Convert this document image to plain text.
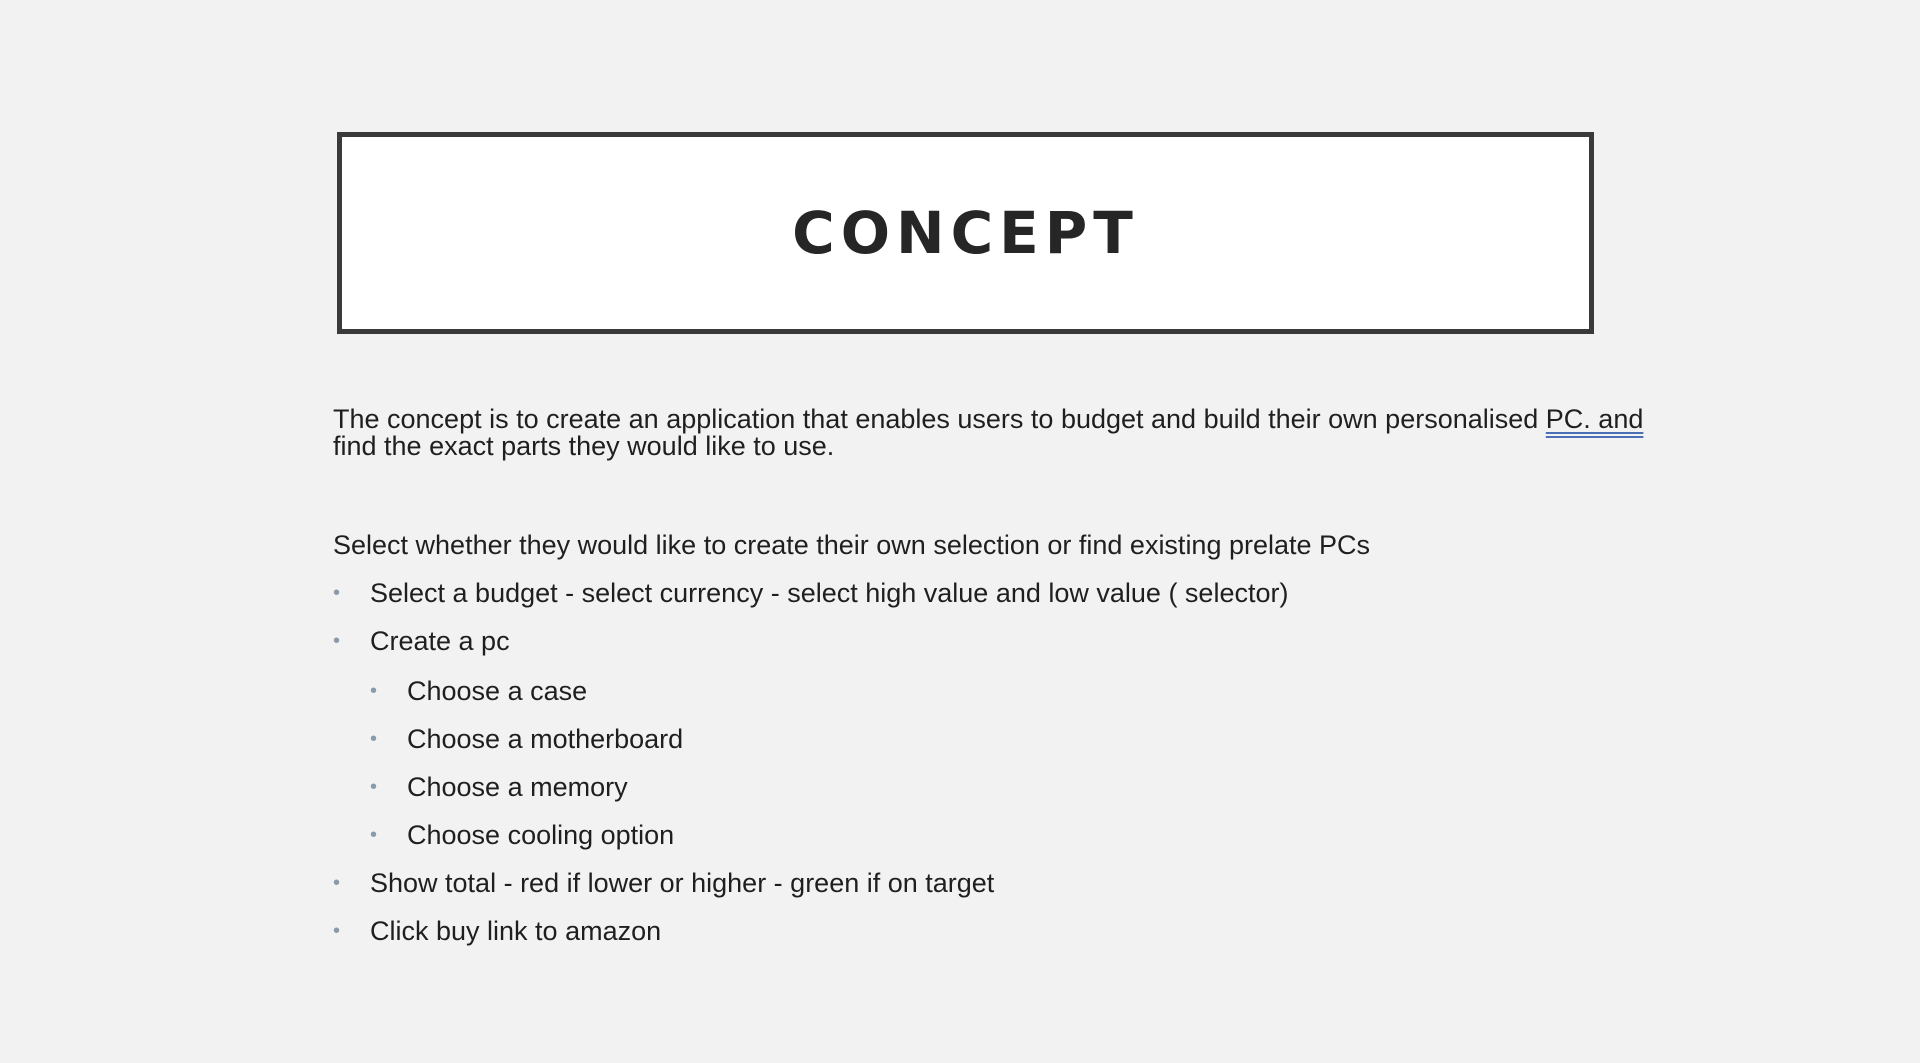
CONCEPT

The concept is to create an application that enables users to budget and build their own personalised PC. and find the exact parts they would like to use.

Select whether they would like to create their own selection or find existing prelate PCs

• Select a budget - select currency - select high value and low value ( selector)
• Create a pc
• Choose a case
• Choose a motherboard
• Choose a memory
• Choose cooling option
• Show total - red if lower or higher - green if on target
• Click buy link to amazon
